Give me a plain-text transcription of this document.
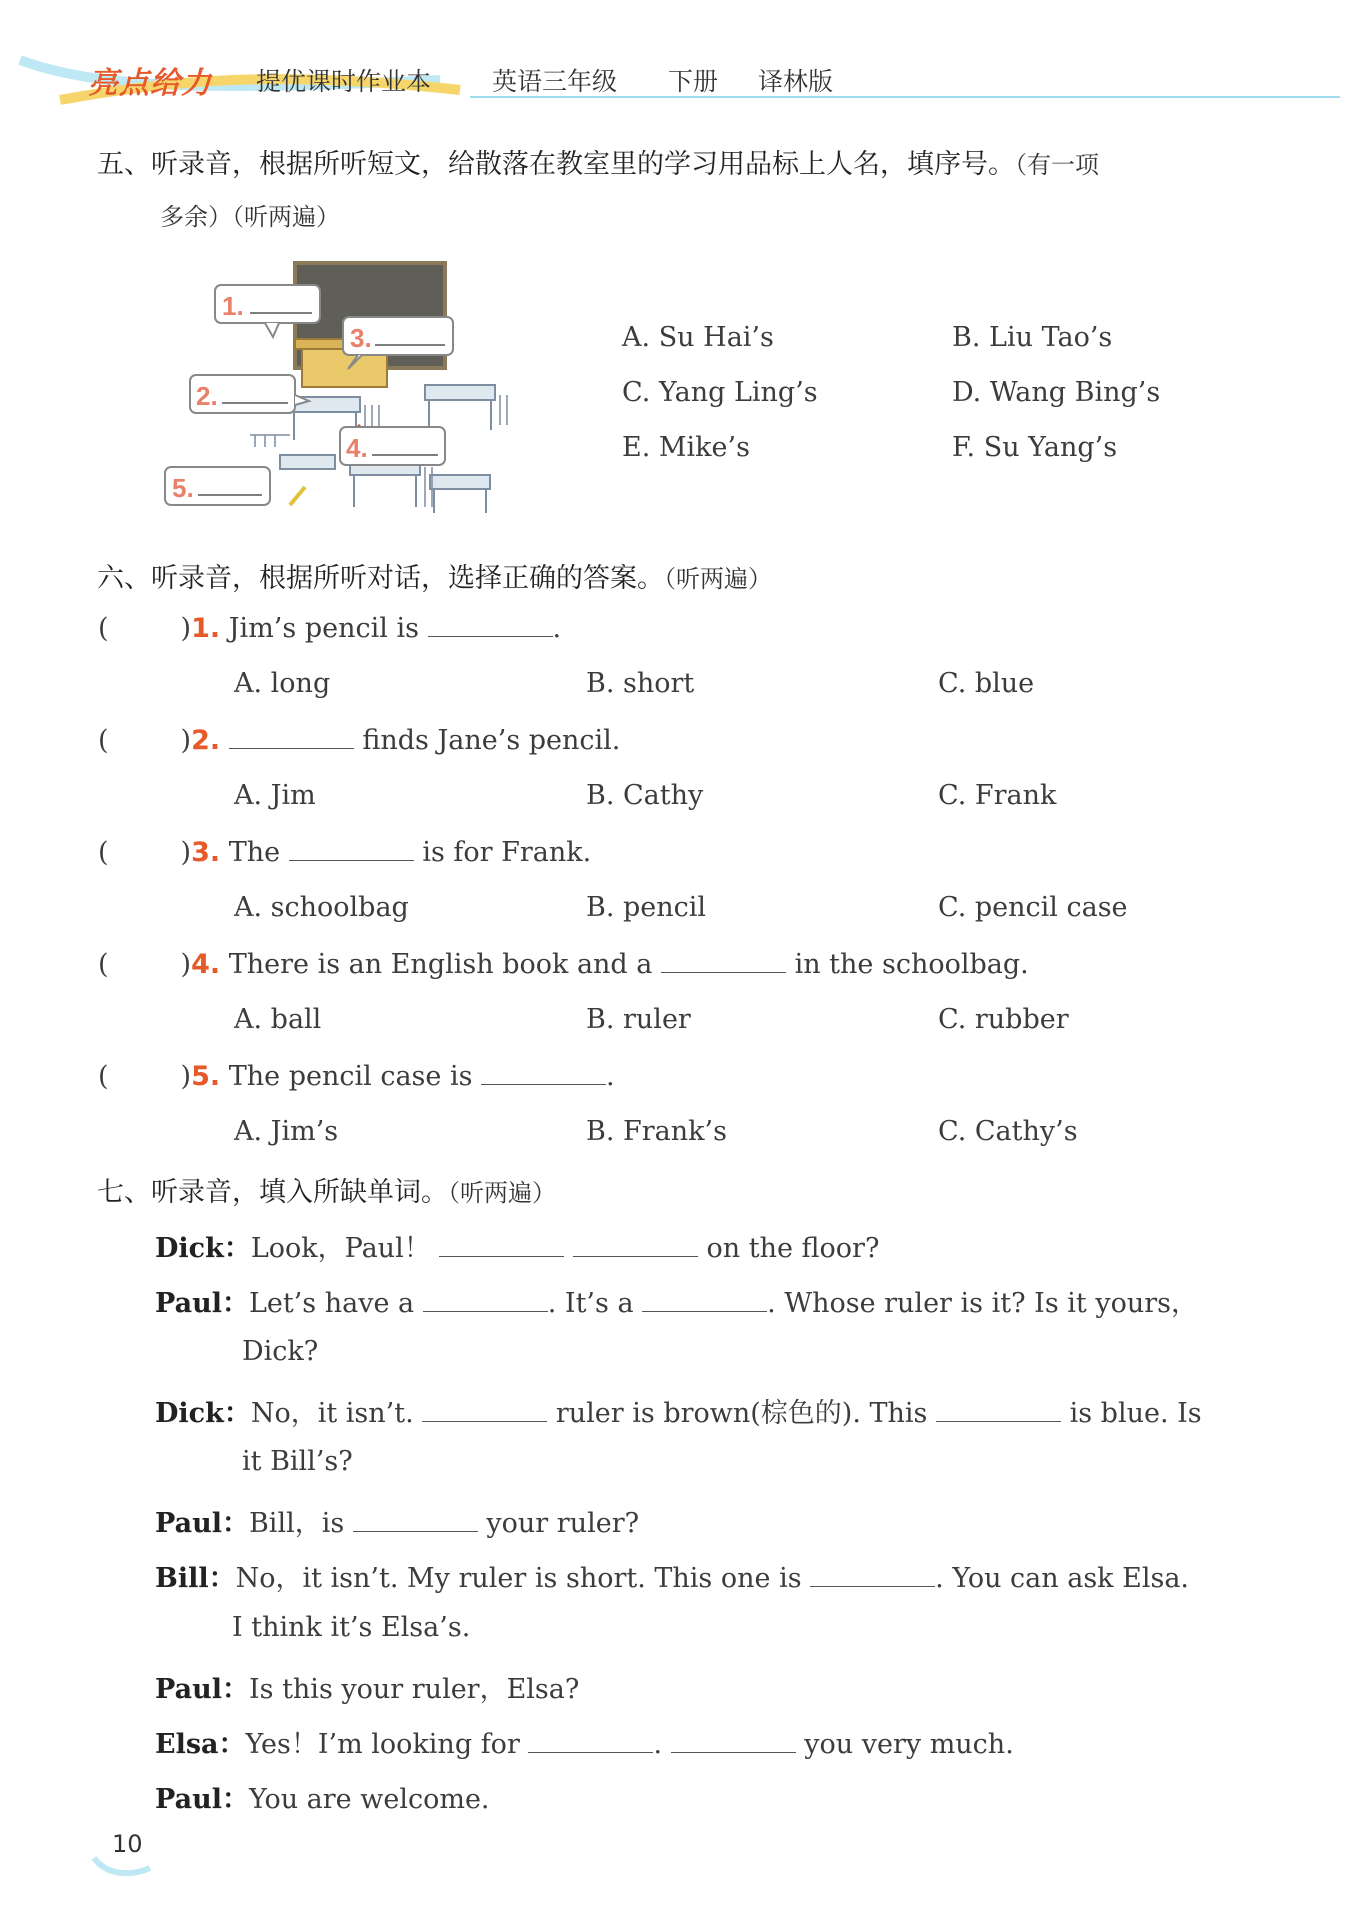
亮点给力 提优课时作业本 英语三年级 下册 译林版
五、听录音，根据所听短文，给散落在教室里的学习用品标上人名，填序号。（有一项
多余）（听两遍）
1.
2.
3.
4.
5.
A. Su Hai’s	B. Liu Tao’s
C. Yang Ling’s	D. Wang Bing’s
E. Mike’s	F. Su Yang’s
六、听录音，根据所听对话，选择正确的答案。（听两遍）
(	)1. Jim’s pencil is	.
A. long	B. short	C. blue
(	)2.	finds Jane’s pencil.
A. Jim	B. Cathy	C. Frank
(	)3. The	is for Frank.
A. schoolbag	B. pencil	C. pencil case
(	)4. There is an English book and a	in the schoolbag.
A. ball	B. ruler	C. rubber
(	)5. The pencil case is	.
A. Jim’s	B. Frank’s	C. Cathy’s
七、听录音，填入所缺单词。（听两遍）
Dick：Look，Paul！	on the floor?
Paul：Let’s have a	. It’s a	. Whose ruler is it? Is it yours，
Dick?
Dick：No，it isn’t.	ruler is brown(棕色的). This	is blue. Is
it Bill’s?
Paul：Bill，is	your ruler?
Bill：No，it isn’t. My ruler is short. This one is	. You can ask Elsa.
I think it’s Elsa’s.
Paul：Is this your ruler，Elsa?
Elsa：Yes！I’m looking for	.	you very much.
Paul：You are welcome.
10
